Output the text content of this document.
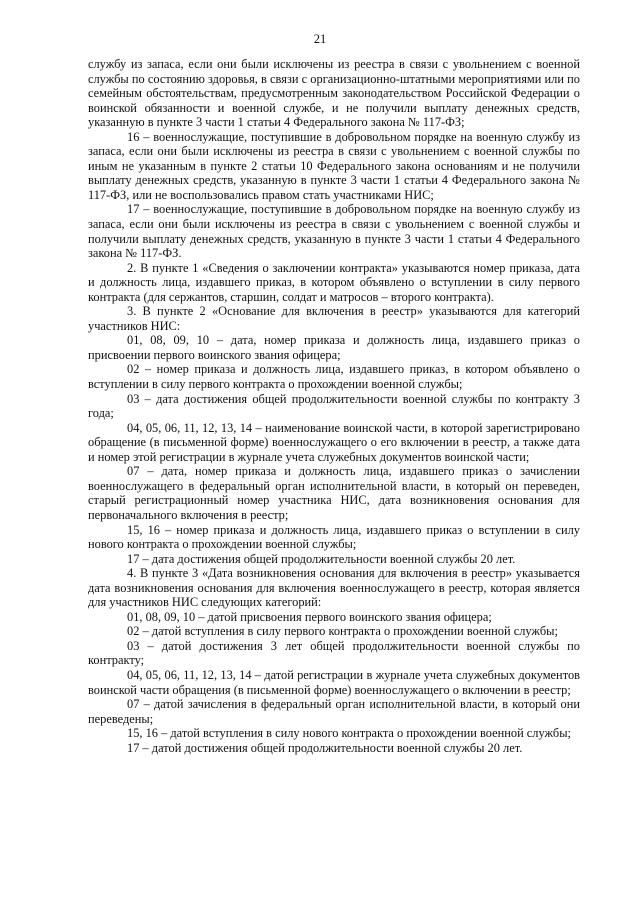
21

службу из запаса, если они были исключены из реестра в связи с увольнением с военной службы по состоянию здоровья, в связи с организационно-штатными мероприятиями или по семейным обстоятельствам, предусмотренным законодательством Российской Федерации о воинской обязанности и военной службе, и не получили выплату денежных средств, указанную в пункте 3 части 1 статьи 4 Федерального закона № 117-ФЗ;

16 – военнослужащие, поступившие в добровольном порядке на военную службу из запаса, если они были исключены из реестра в связи с увольнением с военной службы по иным не указанным в пункте 2 статьи 10 Федерального закона основаниям и не получили выплату денежных средств, указанную в пункте 3 части 1 статьи 4 Федерального закона № 117-ФЗ, или не воспользовались правом стать участниками НИС;

17 – военнослужащие, поступившие в добровольном порядке на военную службу из запаса, если они были исключены из реестра в связи с увольнением с военной службы и получили выплату денежных средств, указанную в пункте 3 части 1 статьи 4 Федерального закона № 117-ФЗ.

2. В пункте 1 «Сведения о заключении контракта» указываются номер приказа, дата и должность лица, издавшего приказ, в котором объявлено о вступлении в силу первого контракта (для сержантов, старшин, солдат и матросов – второго контракта).

3. В пункте 2 «Основание для включения в реестр» указываются для категорий участников НИС:

01, 08, 09, 10 – дата, номер приказа и должность лица, издавшего приказ о присвоении первого воинского звания офицера;

02 – номер приказа и должность лица, издавшего приказ, в котором объявлено о вступлении в силу первого контракта о прохождении военной службы;

03 – дата достижения общей продолжительности военной службы по контракту 3 года;

04, 05, 06, 11, 12, 13, 14 – наименование воинской части, в которой зарегистрировано обращение (в письменной форме) военнослужащего о его включении в реестр, а также дата и номер этой регистрации в журнале учета служебных документов воинской части;

07 – дата, номер приказа и должность лица, издавшего приказ о зачислении военнослужащего в федеральный орган исполнительной власти, в который он переведен, старый регистрационный номер участника НИС, дата возникновения основания для первоначального включения в реестр;

15, 16 – номер приказа и должность лица, издавшего приказ о вступлении в силу нового контракта о прохождении военной службы;

17 – дата достижения общей продолжительности военной службы 20 лет.

4. В пункте 3 «Дата возникновения основания для включения в реестр» указывается дата возникновения основания для включения военнослужащего в реестр, которая является для участников НИС следующих категорий:

01, 08, 09, 10 – датой присвоения первого воинского звания офицера;

02 – датой вступления в силу первого контракта о прохождении военной службы;

03 – датой достижения 3 лет общей продолжительности военной службы по контракту;

04, 05, 06, 11, 12, 13, 14 – датой регистрации в журнале учета служебных документов воинской части обращения (в письменной форме) военнослужащего о включении в реестр;

07 – датой зачисления в федеральный орган исполнительной власти, в который они переведены;

15, 16 – датой вступления в силу нового контракта о прохождении военной службы;

17 – датой достижения общей продолжительности военной службы 20 лет.
